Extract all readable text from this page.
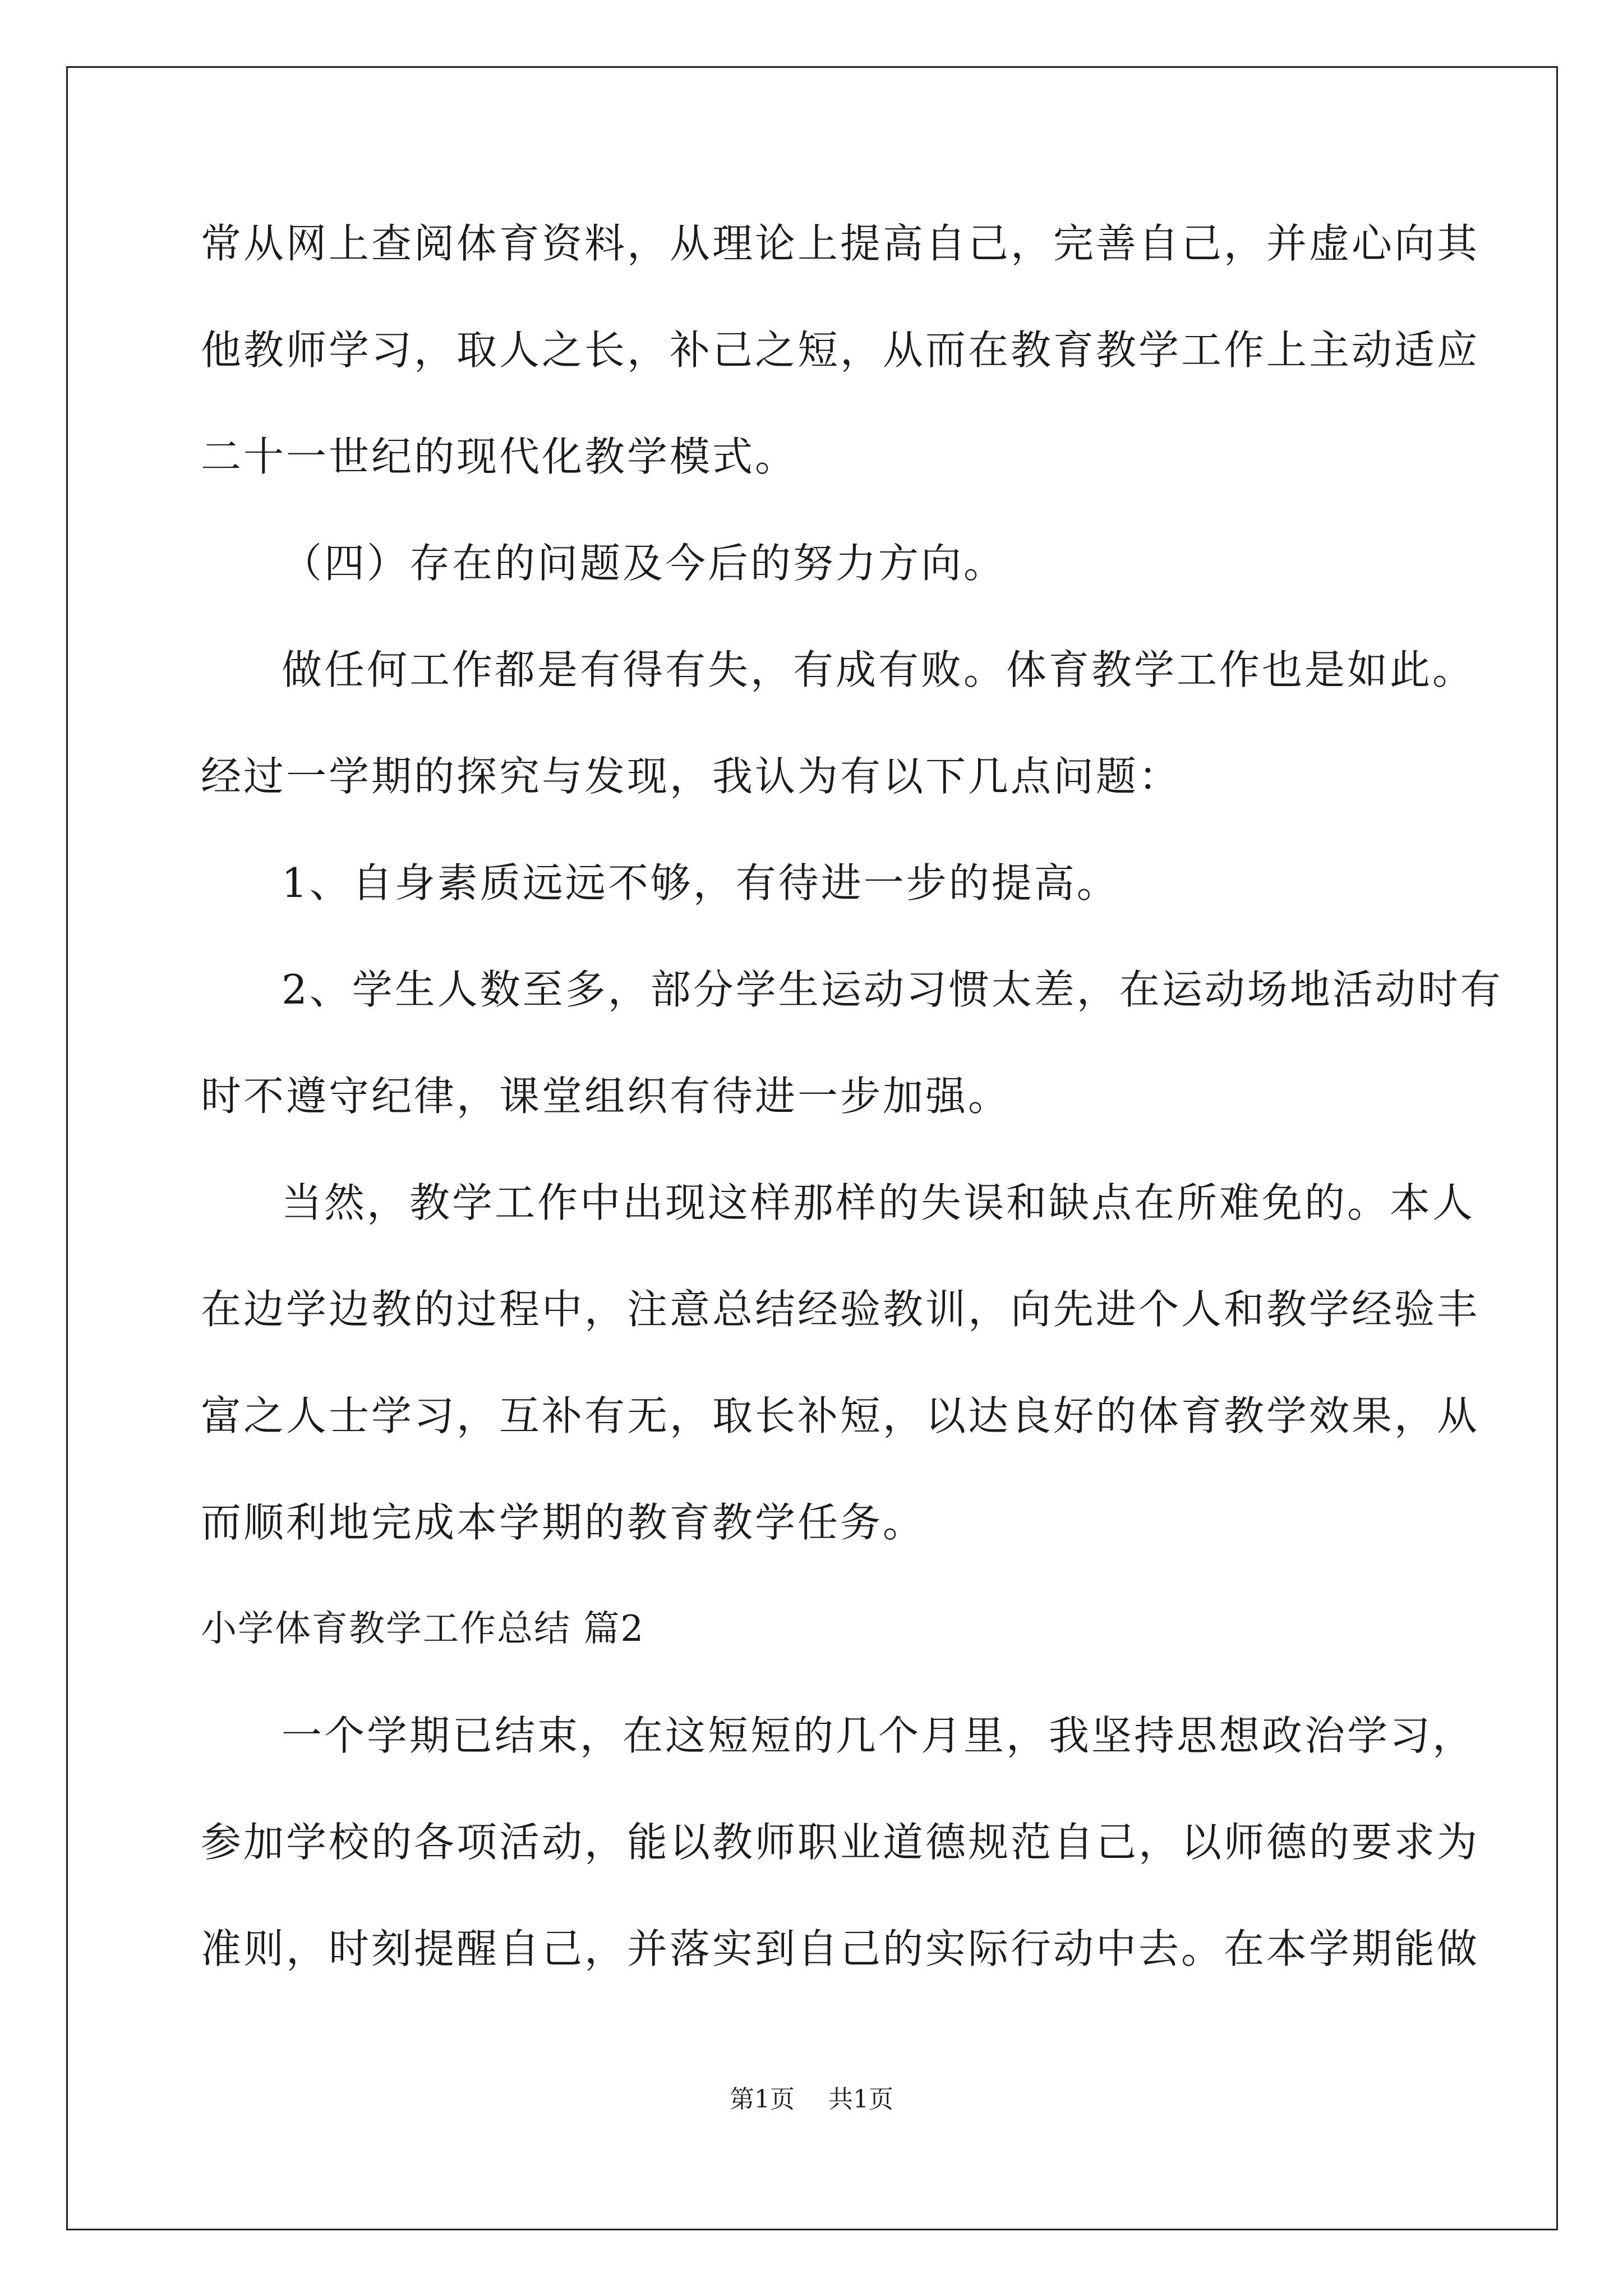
常从网上查阅体育资料，从理论上提高自己，完善自己，并虚心向其
他教师学习，取人之长，补己之短，从而在教育教学工作上主动适应
二十一世纪的现代化教学模式。
（四）存在的问题及今后的努力方向。
做任何工作都是有得有失，有成有败。体育教学工作也是如此。
经过一学期的探究与发现，我认为有以下几点问题：
1、自身素质远远不够，有待进一步的提高。
2、学生人数至多，部分学生运动习惯太差，在运动场地活动时有
时不遵守纪律，课堂组织有待进一步加强。
当然，教学工作中出现这样那样的失误和缺点在所难免的。本人
在边学边教的过程中，注意总结经验教训，向先进个人和教学经验丰
富之人士学习，互补有无，取长补短，以达良好的体育教学效果，从
而顺利地完成本学期的教育教学任务。
小学体育教学工作总结 篇2
一个学期已结束，在这短短的几个月里，我坚持思想政治学习，
参加学校的各项活动，能以教师职业道德规范自己，以师德的要求为
准则，时刻提醒自己，并落实到自己的实际行动中去。在本学期能做
第1页 共1页
